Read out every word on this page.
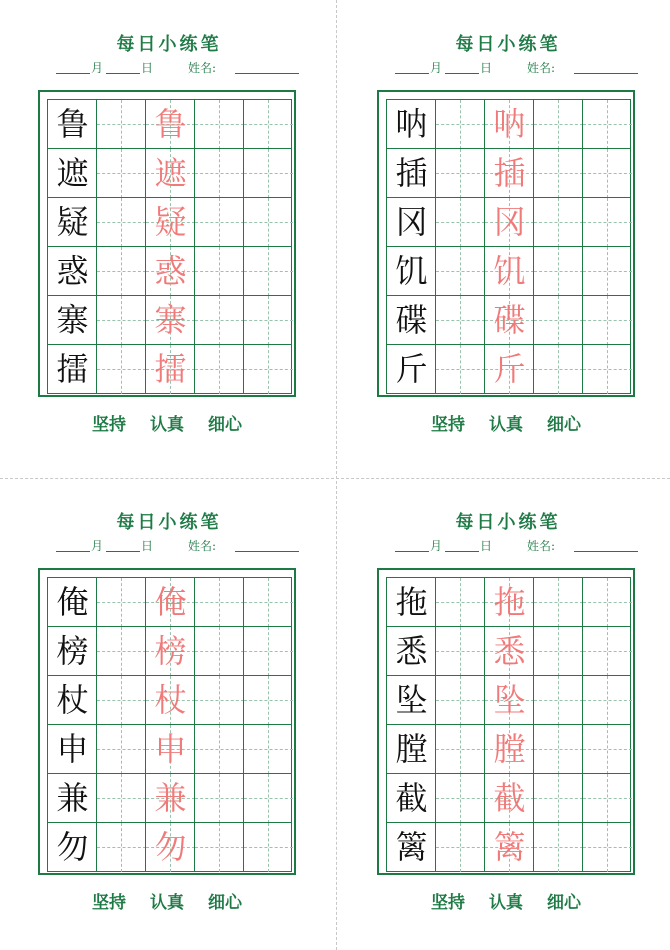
每日小练笔
月	日	姓名:
鲁 鲁
遮 遮
疑 疑
惑 惑
寨 寨
擂 擂
坚持 认真 细心
每日小练笔
月	日	姓名:
呐 呐
插 插
冈 冈
饥 饥
碟 碟
斤 斤
坚持 认真 细心
每日小练笔
月	日	姓名:
俺 俺
榜 榜
杖 杖
申 申
兼 兼
勿 勿
坚持 认真 细心
每日小练笔
月	日	姓名:
拖 拖
悉 悉
坠 坠
膛 膛
截 截
篱 篱
坚持 认真 细心
